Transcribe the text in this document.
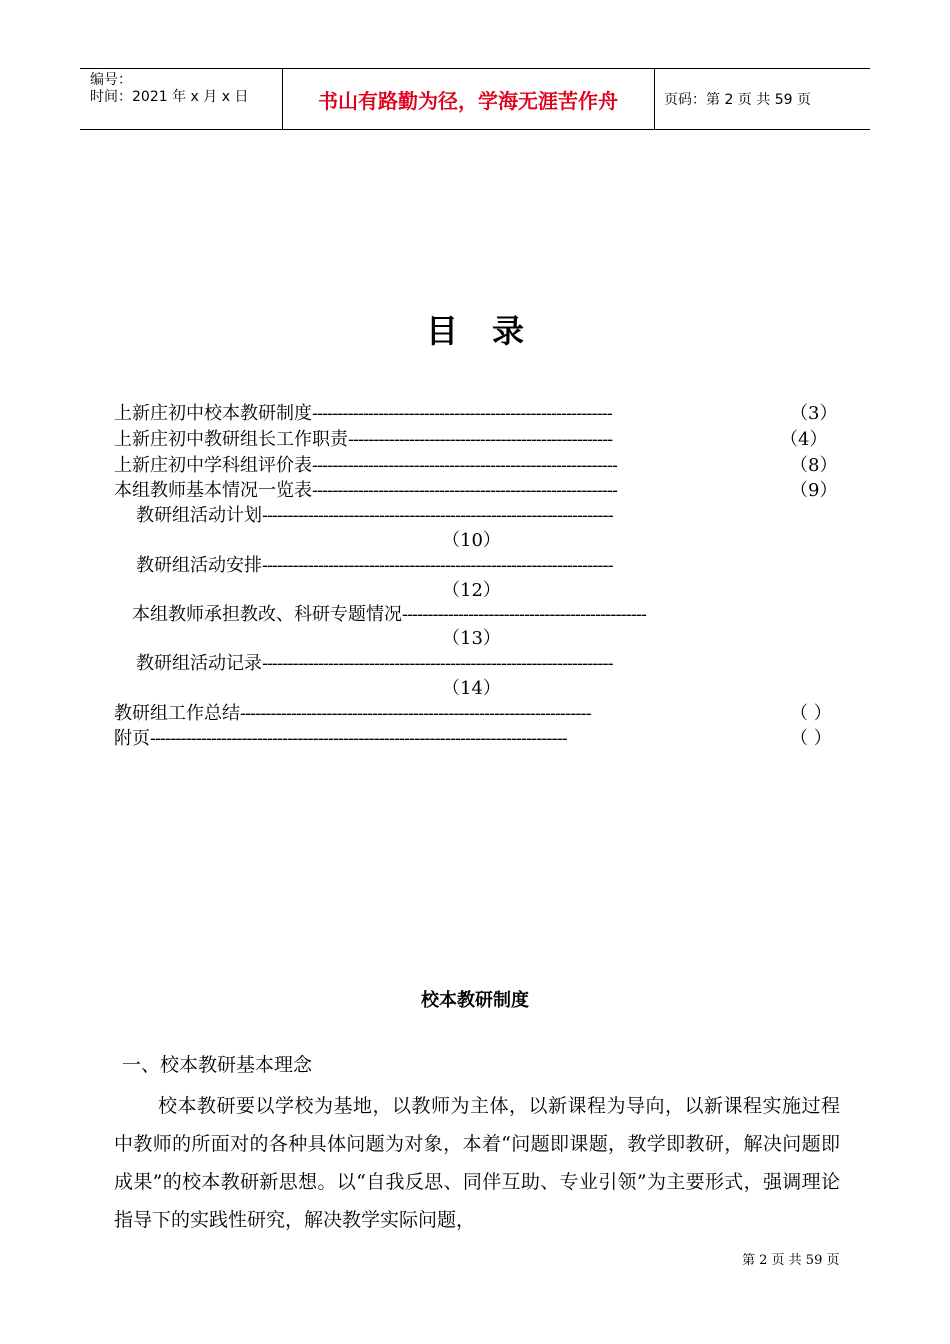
编号：
时间：2021 年 x 月 x 日	书山有路勤为径，学海无涯苦作舟	页码：第 2 页 共 59 页
目录
上新庄初中校本教研制度-----------------------------------------------------------	（3）
上新庄初中教研组长工作职责----------------------------------------------------	（4）
上新庄初中学科组评价表------------------------------------------------------------	（8）
本组教师基本情况一览表------------------------------------------------------------	（9）
教研组活动计划---------------------------------------------------------------------
（10）
教研组活动安排---------------------------------------------------------------------
（12）
本组教师承担教改、科研专题情况------------------------------------------------
（13）
教研组活动记录---------------------------------------------------------------------
（14）
教研组工作总结---------------------------------------------------------------------	（ ）
附页----------------------------------------------------------------------------------	（ ）
校本教研制度
一、校本教研基本理念
校本教研要以学校为基地，以教师为主体，以新课程为导向，以新课程实施过程中教师的所面对的各种具体问题为对象，本着“问题即课题，教学即教研，解决问题即成果”的校本教研新思想。以“自我反思、同伴互助、专业引领”为主要形式，强调理论指导下的实践性研究，解决教学实际问题，
第 2 页 共 59 页
